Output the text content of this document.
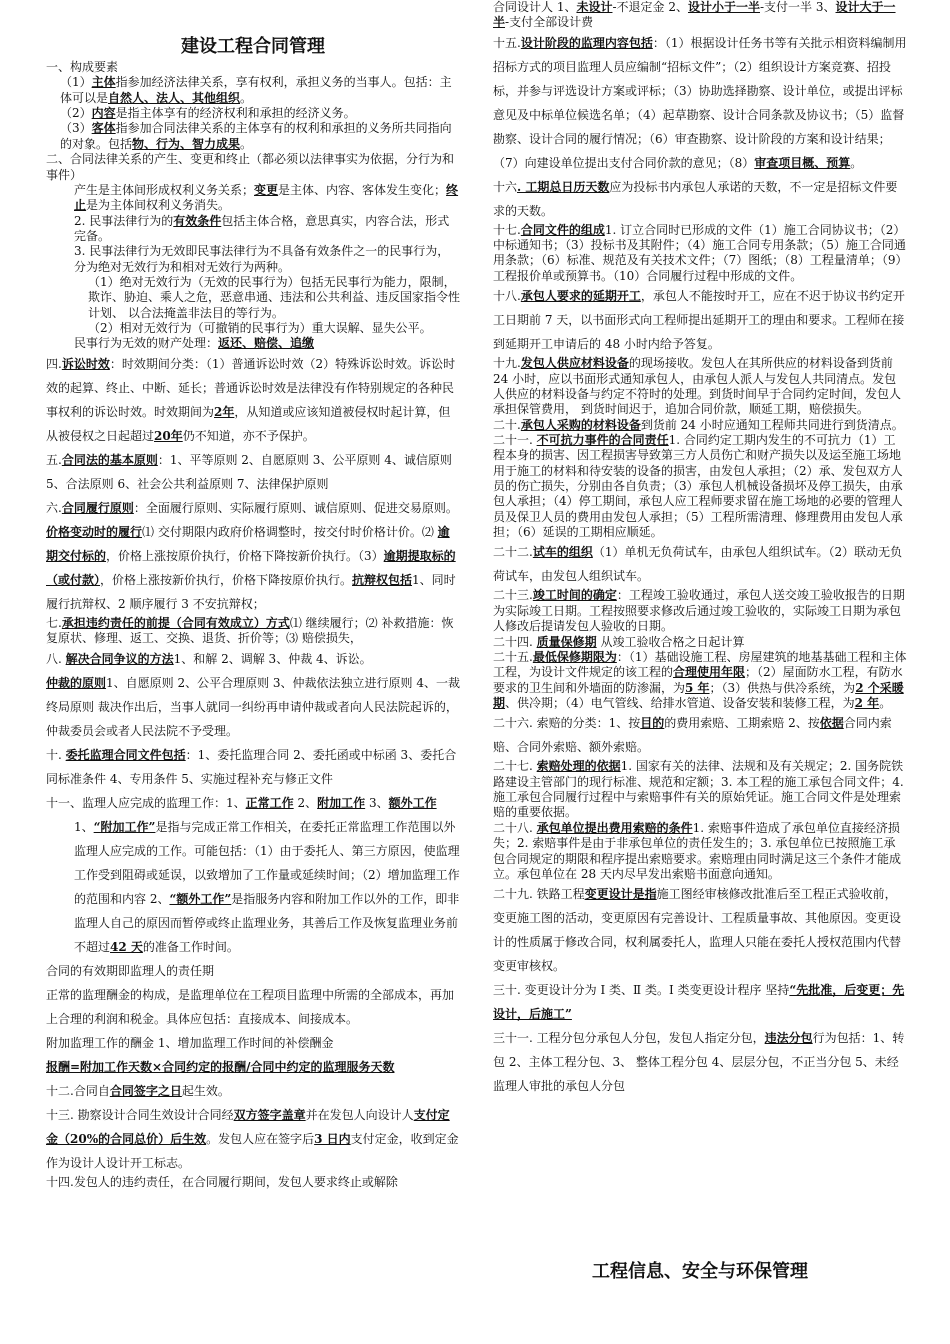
建设工程合同管理

一、构成要素

（1）主体指参加经济法律关系，享有权利，承担义务的当事人。包括：主体可以是自然人、法人、其他组织。

（2）内容是指主体享有的经济权利和承担的经济义务。

（3）客体指参加合同法律关系的主体享有的权利和承担的义务所共同指向的对象。包括物、行为、智力成果。

二、合同法律关系的产生、变更和终止（都必须以法律事实为依据，分行为和事件）

产生是主体间形成权利义务关系；变更是主体、内容、客体发生变化；终止是为主体间权利义务消失。

2. 民事法律行为的有效条件包括主体合格，意思真实，内容合法，形式完备。

3. 民事法律行为无效即民事法律行为不具备有效条件之一的民事行为，分为绝对无效行为和相对无效行为两种。

（1）绝对无效行为（无效的民事行为）包括无民事行为能力，限制，欺诈、胁迫、乘人之危，恶意串通、违法和公共利益、违反国家指令性计划、 以合法掩盖非法目的等行为。

（2）相对无效行为（可撤销的民事行为）重大误解、显失公平。

民事行为无效的财产处理：返还、赔偿、追缴

四.诉讼时效：时效期间分类：（1）普通诉讼时效（2）特殊诉讼时效。诉讼时效的起算、终止、中断、延长；普通诉讼时效是法律没有作特别规定的各种民事权利的诉讼时效。时效期间为2年，从知道或应该知道被侵权时起计算，但从被侵权之日起超过20年仍不知道，亦不予保护。

五.合同法的基本原则：1、平等原则 2、自愿原则 3、公平原则 4、诚信原则 5、合法原则 6、社会公共利益原则 7、法律保护原则

六.合同履行原则：全面履行原则、实际履行原则、诚信原则、促进交易原则。价格变动时的履行⑴ 交付期限内政府价格调整时，按交付时价格计价。⑵ 逾期交付标的，价格上涨按原价执行，价格下降按新价执行。（3）逾期提取标的（或付款），价格上涨按新价执行，价格下降按原价执行。抗辩权包括1、同时履行抗辩权、2 顺序履行 3 不安抗辩权；

七.承担违约责任的前提（合同有效成立）方式⑴ 继续履行；⑵ 补救措施：恢复原状、修理、返工、交换、退货、折价等；⑶ 赔偿损失，

八. 解决合同争议的方法1、和解 2、调解 3、仲裁 4、诉讼。

仲裁的原则1、自愿原则 2、公平合理原则 3、仲裁依法独立进行原则 4、一裁终局原则 裁决作出后，当事人就同一纠纷再申请仲裁或者向人民法院起诉的，仲裁委员会或者人民法院不予受理。

十. 委托监理合同文件包括：1、委托监理合同 2、委托函或中标函 3、委托合同标准条件 4、专用条件 5、实施过程补充与修正文件

十一、监理人应完成的监理工作：1、正常工作 2、附加工作 3、额外工作

1、“附加工作”是指与完成正常工作相关，在委托正常监理工作范围以外监理人应完成的工作。可能包括：（1）由于委托人、第三方原因，使监理工作受到阻碍或延误，以致增加了工作量或延续时间；（2）增加监理工作的范围和内容 2、“额外工作”是指服务内容和附加工作以外的工作，即非监理人自己的原因而暂停或终止监理业务，其善后工作及恢复监理业务前不超过42 天的准备工作时间。

合同的有效期即监理人的责任期

正常的监理酬金的构成，是监理单位在工程项目监理中所需的全部成本，再加上合理的利润和税金。具体应包括：直接成本、间接成本。

附加监理工作的酬金 1、增加监理工作时间的补偿酬金

报酬=附加工作天数×合同约定的报酬/合同中约定的监理服务天数

十二.合同自合同签字之日起生效。

十三. 勘察设计合同生效设计合同经双方签字盖章并在发包人向设计人支付定金（20%的合同总价）后生效。发包人应在签字后3 日内支付定金，收到定金作为设计人设计开工标志。

十四.发包人的违约责任，在合同履行期间，发包人要求终止或解除

合同设计人 1、未设计-不退定金 2、设计小于一半-支付一半 3、设计大于一半-支付全部设计费

十五.设计阶段的监理内容包括：（1）根据设计任务书等有关批示相资料编制用招标方式的项目监理人员应编制“招标文件”；（2）组织设计方案竞赛、招投标，并参与评选设计方案或评标；（3）协助选择勘察、设计单位，或提出评标意见及中标单位候选名单；（4）起草勘察、设计合同条款及协议书；（5）监督勘察、设计合同的履行情况；（6）审查勘察、设计阶段的方案和设计结果；（7）向建设单位提出支付合同价款的意见；（8）审查项目概、预算。

十六. 工期总日历天数应为投标书内承包人承诺的天数，不一定是招标文件要求的天数。

十七.合同文件的组成1. 订立合同时已形成的文件（1）施工合同协议书；（2）中标通知书；（3）投标书及其附件；（4）施工合同专用条款；（5）施工合同通用条款；（6）标准、规范及有关技术文件；（7）图纸；（8）工程量清单；（9）工程报价单或预算书。（10）合同履行过程中形成的文件。

十八.承包人要求的延期开工，承包人不能按时开工，应在不迟于协议书约定开工日期前 7 天，以书面形式向工程师提出延期开工的理由和要求。工程师在接到延期开工申请后的 48 小时内给予答复。

十九.发包人供应材料设备的现场接收。发包人在其所供应的材料设备到货前 24 小时，应以书面形式通知承包人，由承包人派人与发包人共同清点。发包人供应的材料设备与约定不符时的处理。到货时间早于合同约定时间，发包人承担保管费用， 到货时间迟于，追加合同价款，顺延工期，赔偿损失。

二十.承包人采购的材料设备到货前 24 小时应通知工程师共同进行到货清点。

二十一. 不可抗力事件的合同责任1. 合同约定工期内发生的不可抗力（1）工程本身的损害、因工程损害导致第三方人员伤亡和财产损失以及运至施工场地用于施工的材料和待安装的设备的损害，由发包人承担；（2）承、发包双方人员的伤亡损失，分别由各自负责；（3）承包人机械设备损坏及停工损失，由承包人承担；（4）停工期间，承包人应工程师要求留在施工场地的必要的管理人员及保卫人员的费用由发包人承担；（5）工程所需清理、修理费用由发包人承担；（6）延误的工期相应顺延。

二十二.试车的组织（1）单机无负荷试车，由承包人组织试车。（2）联动无负荷试车，由发包人组织试车。

二十三.竣工时间的确定：工程竣工验收通过，承包人送交竣工验收报告的日期为实际竣工日期。工程按照要求修改后通过竣工验收的，实际竣工日期为承包人修改后提请发包人验收的日期。

二十四. 质量保修期 从竣工验收合格之日起计算

二十五.最低保修期限为：（1）基础设施工程、房屋建筑的地基基础工程和主体工程，为设计文件规定的该工程的合理使用年限；（2）屋面防水工程，有防水要求的卫生间和外墙面的防渗漏，为5 年；（3）供热与供冷系统，为2 个采暖期、供冷期；（4）电气管线、给排水管道、设备安装和装修工程，为2 年。

二十六. 索赔的分类：1、按目的的费用索赔、工期索赔 2、按依据合同内索赔、合同外索赔、额外索赔。

二十七. 索赔处理的依据1. 国家有关的法律、法规和及有关规定；2. 国务院铁路建设主管部门的现行标准、规范和定额；3. 本工程的施工承包合同文件；4. 施工承包合同履行过程中与索赔事件有关的原始凭证。施工合同文件是处理索赔的重要依据。

二十八. 承包单位提出费用索赔的条件1. 索赔事件造成了承包单位直接经济损失；2. 索赔事件是由于非承包单位的责任发生的；3. 承包单位已按照施工承包合同规定的期限和程序提出索赔要求。索赔理由同时满足这三个条件才能成立。承包单位在 28 天内尽早发出索赔书面意向通知。

二十九. 铁路工程变更设计是指施工图经审核修改批准后至工程正式验收前，变更施工图的活动，变更原因有完善设计、工程质量事故、其他原因。变更设计的性质属于修改合同，权利属委托人，监理人只能在委托人授权范围内代替变更审核权。

三十. 变更设计分为 Ⅰ 类、Ⅱ 类。Ⅰ 类变更设计程序 坚持“先批准，后变更；先设计，后施工”

三十一. 工程分包分承包人分包，发包人指定分包，违法分包行为包括：1、转包 2、主体工程分包、3、 整体工程分包 4、层层分包，不正当分包 5、未经监理人审批的承包人分包

工程信息、安全与环保管理
